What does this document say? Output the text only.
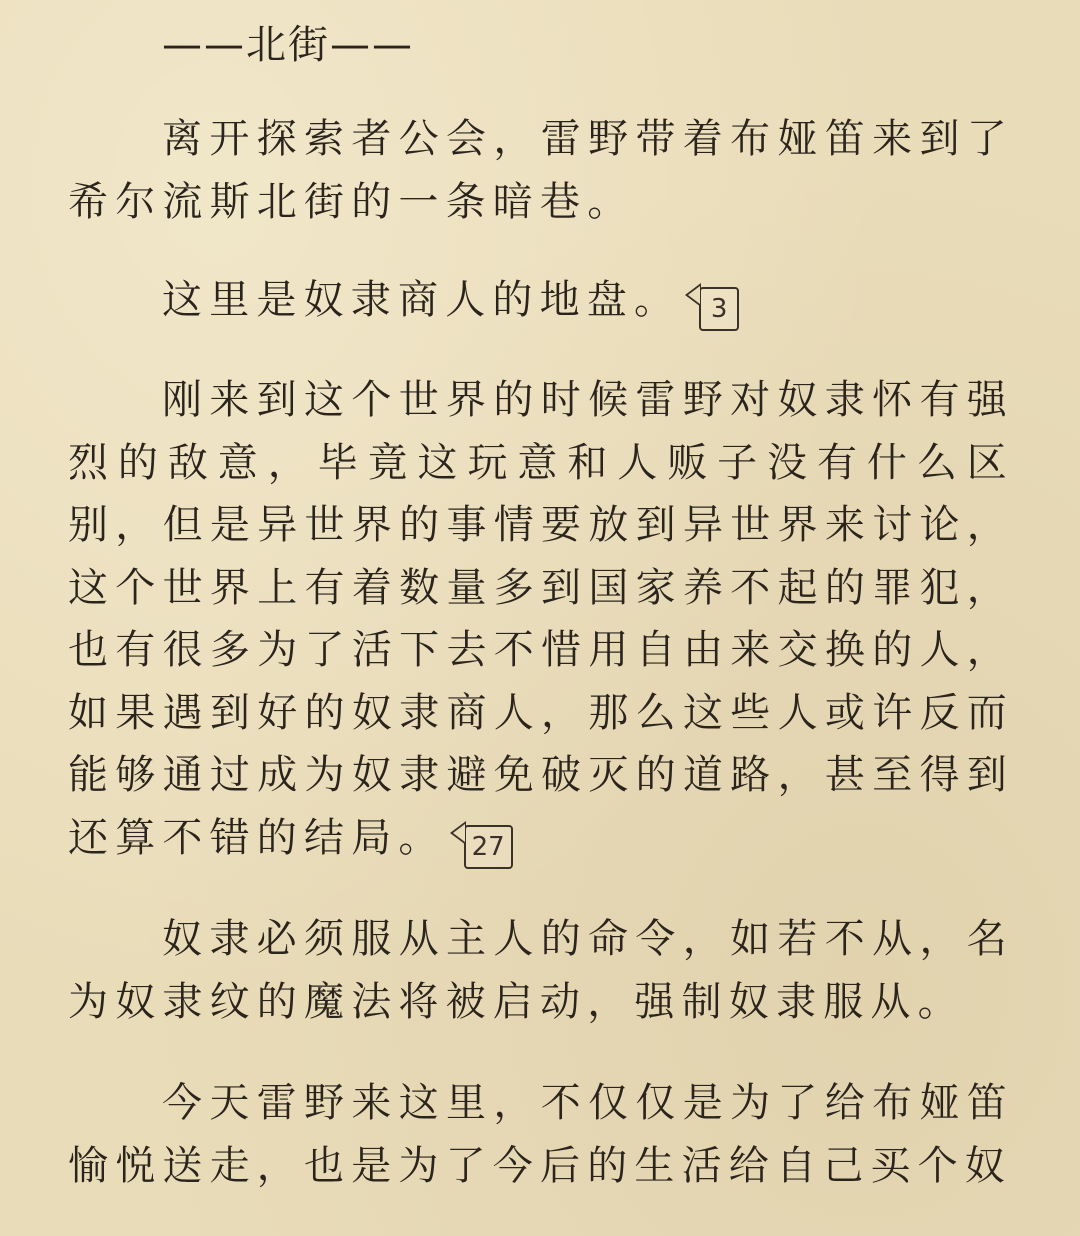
——北街——

离开探索者公会，雷野带着布娅笛来到了希尔流斯北街的一条暗巷。

这里是奴隶商人的地盘。 3

刚来到这个世界的时候雷野对奴隶怀有强烈的敌意，毕竟这玩意和人贩子没有什么区别，但是异世界的事情要放到异世界来讨论，这个世界上有着数量多到国家养不起的罪犯，也有很多为了活下去不惜用自由来交换的人，如果遇到好的奴隶商人，那么这些人或许反而能够通过成为奴隶避免破灭的道路，甚至得到还算不错的结局。 27

奴隶必须服从主人的命令，如若不从，名为奴隶纹的魔法将被启动，强制奴隶服从。

今天雷野来这里，不仅仅是为了给布娅笛愉悦送走，也是为了今后的生活给自己买个奴
